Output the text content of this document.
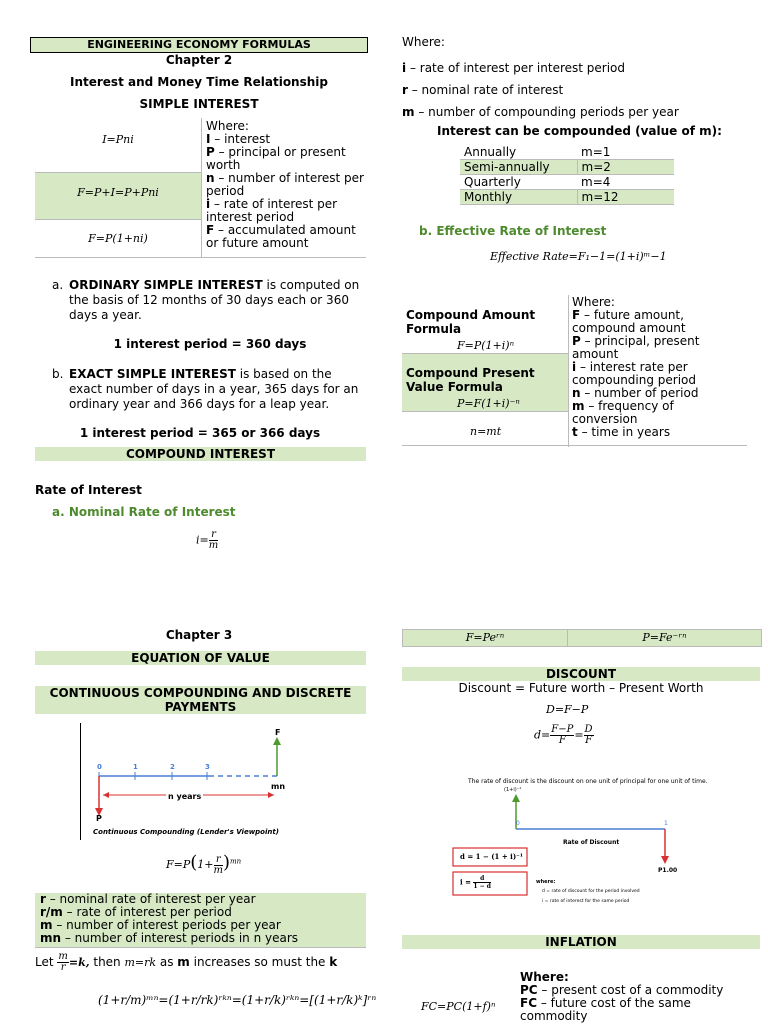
ENGINEERING ECONOMY FORMULAS
Chapter 2
Interest and Money Time Relationship
SIMPLE INTEREST
I=Pni
F=P+I=P+Pni
F=P(1+ni)
Where:
I – interest
P – principal or present worth
n – number of interest per period
i – rate of interest per interest period
F – accumulated amount or future amount
a. ORDINARY SIMPLE INTEREST is computed on the basis of 12 months of 30 days each or 360 days a year.
1 interest period = 360 days
b. EXACT SIMPLE INTEREST is based on the exact number of days in a year, 365 days for an ordinary year and 366 days for a leap year.
1 interest period = 365 or 366 days
COMPOUND INTEREST
Rate of Interest
a. Nominal Rate of Interest
$i= \frac{r}{m}$
Where:
i – rate of interest per interest period
r – nominal rate of interest
m – number of compounding periods per year
Interest can be compounded (value of m):
Annually	m=1
Semi-annually	m=2
Quarterly	m=4
Monthly	m=12
b. Effective Rate of Interest
Effective Rate=F₁−1=(1+i)ᵐ−1
Compound Amount Formula
F=P(1+i)ⁿ
Compound Present Value Formula
P=F(1+i)⁻ⁿ
n=mt
Where:
F – future amount, compound amount
P – principal, present amount
i – interest rate per compounding period
n – number of period
m – frequency of conversion
t – time in years
Chapter 3
EQUATION OF VALUE
CONTINUOUS COMPOUNDING AND DISCRETE PAYMENTS
0	1	2	3
F
mn
n years
P
Continuous Compounding (Lender's Viewpoint)
$F=P(1+ \frac{r}{m} )^{mn}$
r – nominal rate of interest per year
r/m – rate of interest per period
m – number of interest periods per year
mn – number of interest periods in n years
Let $\frac{m}{r} =k$, then m=rk as m increases so must the k
(1+r/m)ᵐⁿ=(1+r/rk)ʳᵏⁿ=(1+r/k)ʳᵏⁿ=[(1+r/k)ᵏ]ʳⁿ
F=Peʳⁿ	P=Fe⁻ʳⁿ
DISCOUNT
Discount = Future worth – Present Worth
D=F−P
$d= \frac{F-P}{F} = \frac{D}{F}$
The rate of discount is the discount on one unit of principal for one unit of time.
(1+i)⁻¹
0	1
Rate of Discount
P1.00
d = 1 − (1 + i)⁻¹
$i = \frac{d}{1 - d}$	where:
d = rate of discount for the period involved
i = rate of interest for the same period
INFLATION
FC=PC(1+f)ⁿ
Where:
PC – present cost of a commodity
FC – future cost of the same commodity
